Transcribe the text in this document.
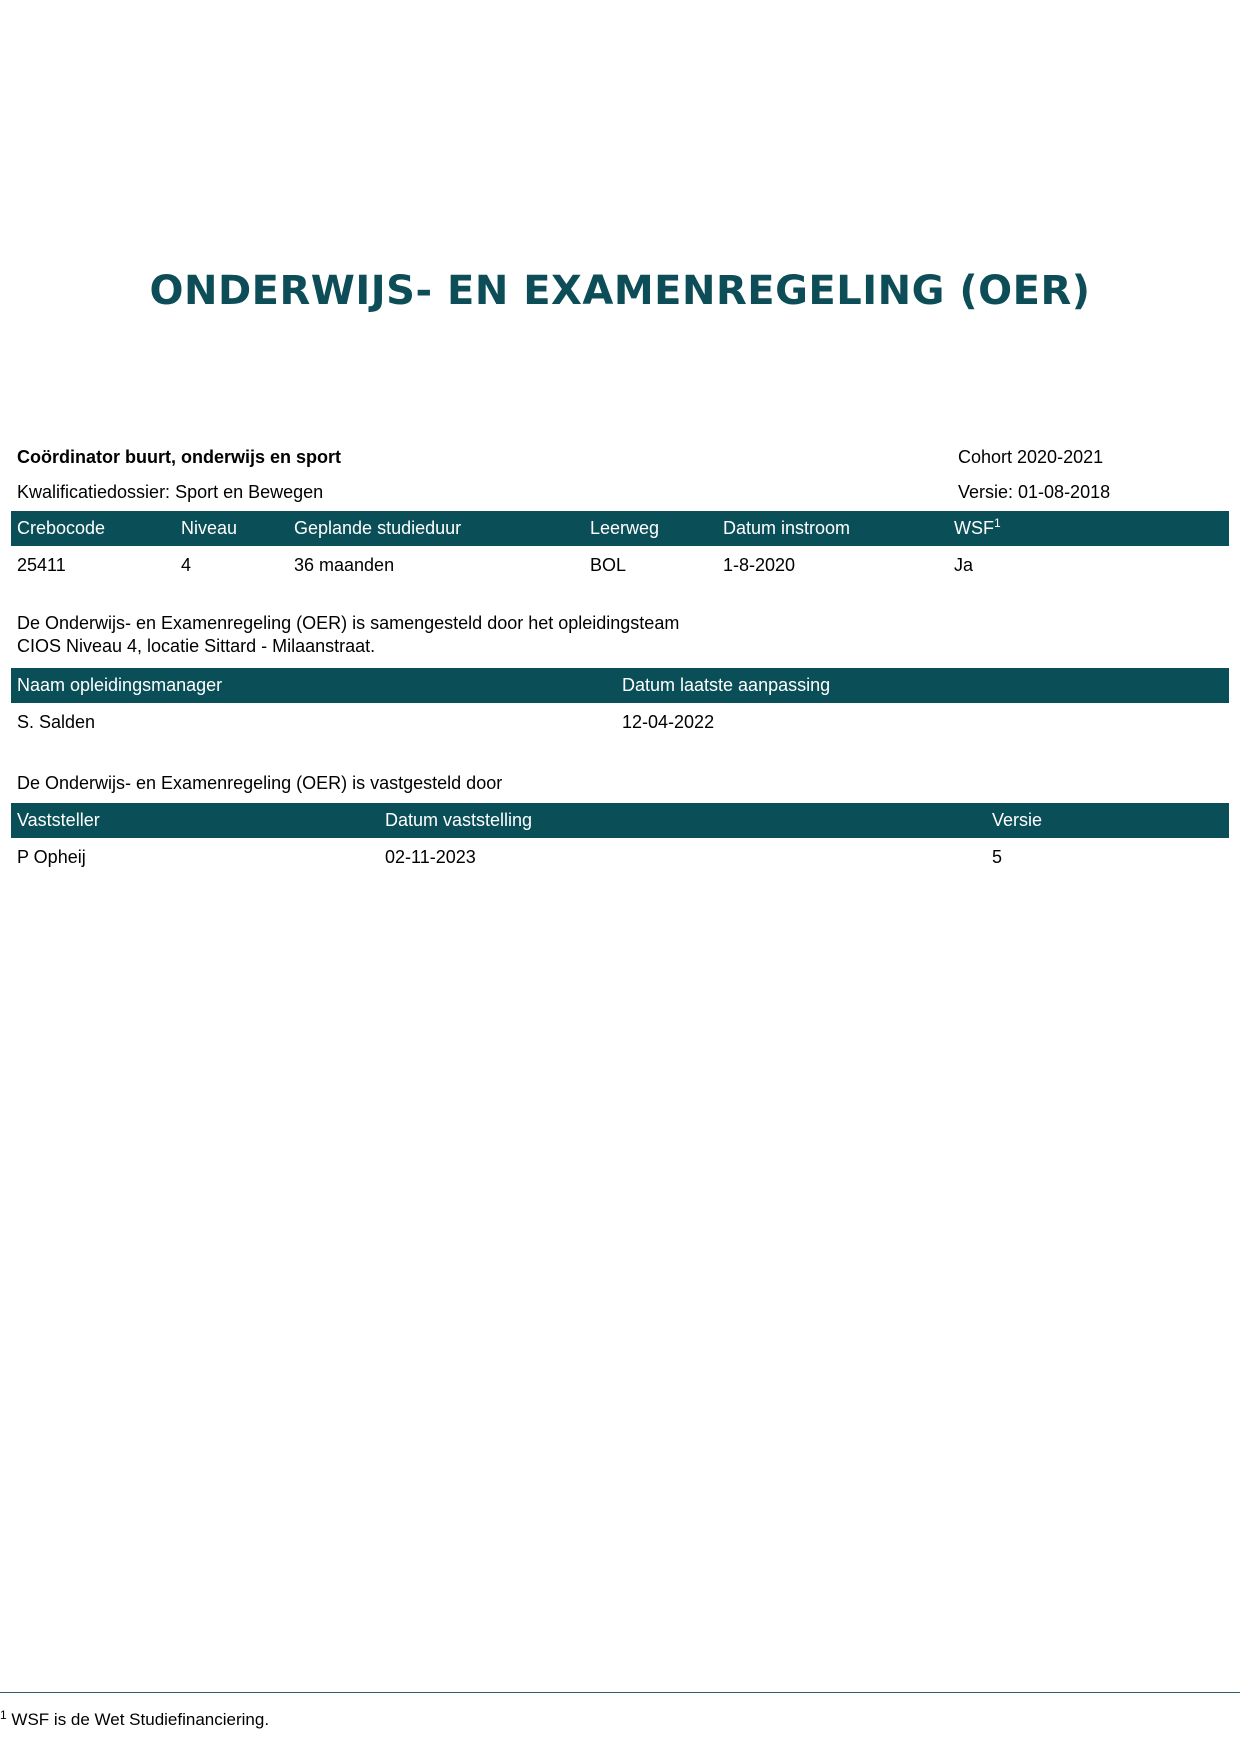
ONDERWIJS- EN EXAMENREGELING (OER)
Coördinator buurt, onderwijs en sport	Cohort 2020-2021
Kwalificatiedossier: Sport en Bewegen	Versie: 01-08-2018
Crebocode	Niveau	Geplande studieduur	Leerweg	Datum instroom	WSF$^1$
25411	4	36 maanden	BOL	1-8-2020	Ja

De Onderwijs- en Examenregeling (OER) is samengesteld door het opleidingsteam
CIOS Niveau 4, locatie Sittard - Milaanstraat.

Naam opleidingsmanager	Datum laatste aanpassing
S. Salden	12-04-2022

De Onderwijs- en Examenregeling (OER) is vastgesteld door

Vaststeller	Datum vaststelling	Versie
P Opheij	02-11-2023	5
$^1$ WSF is de Wet Studiefinanciering.
